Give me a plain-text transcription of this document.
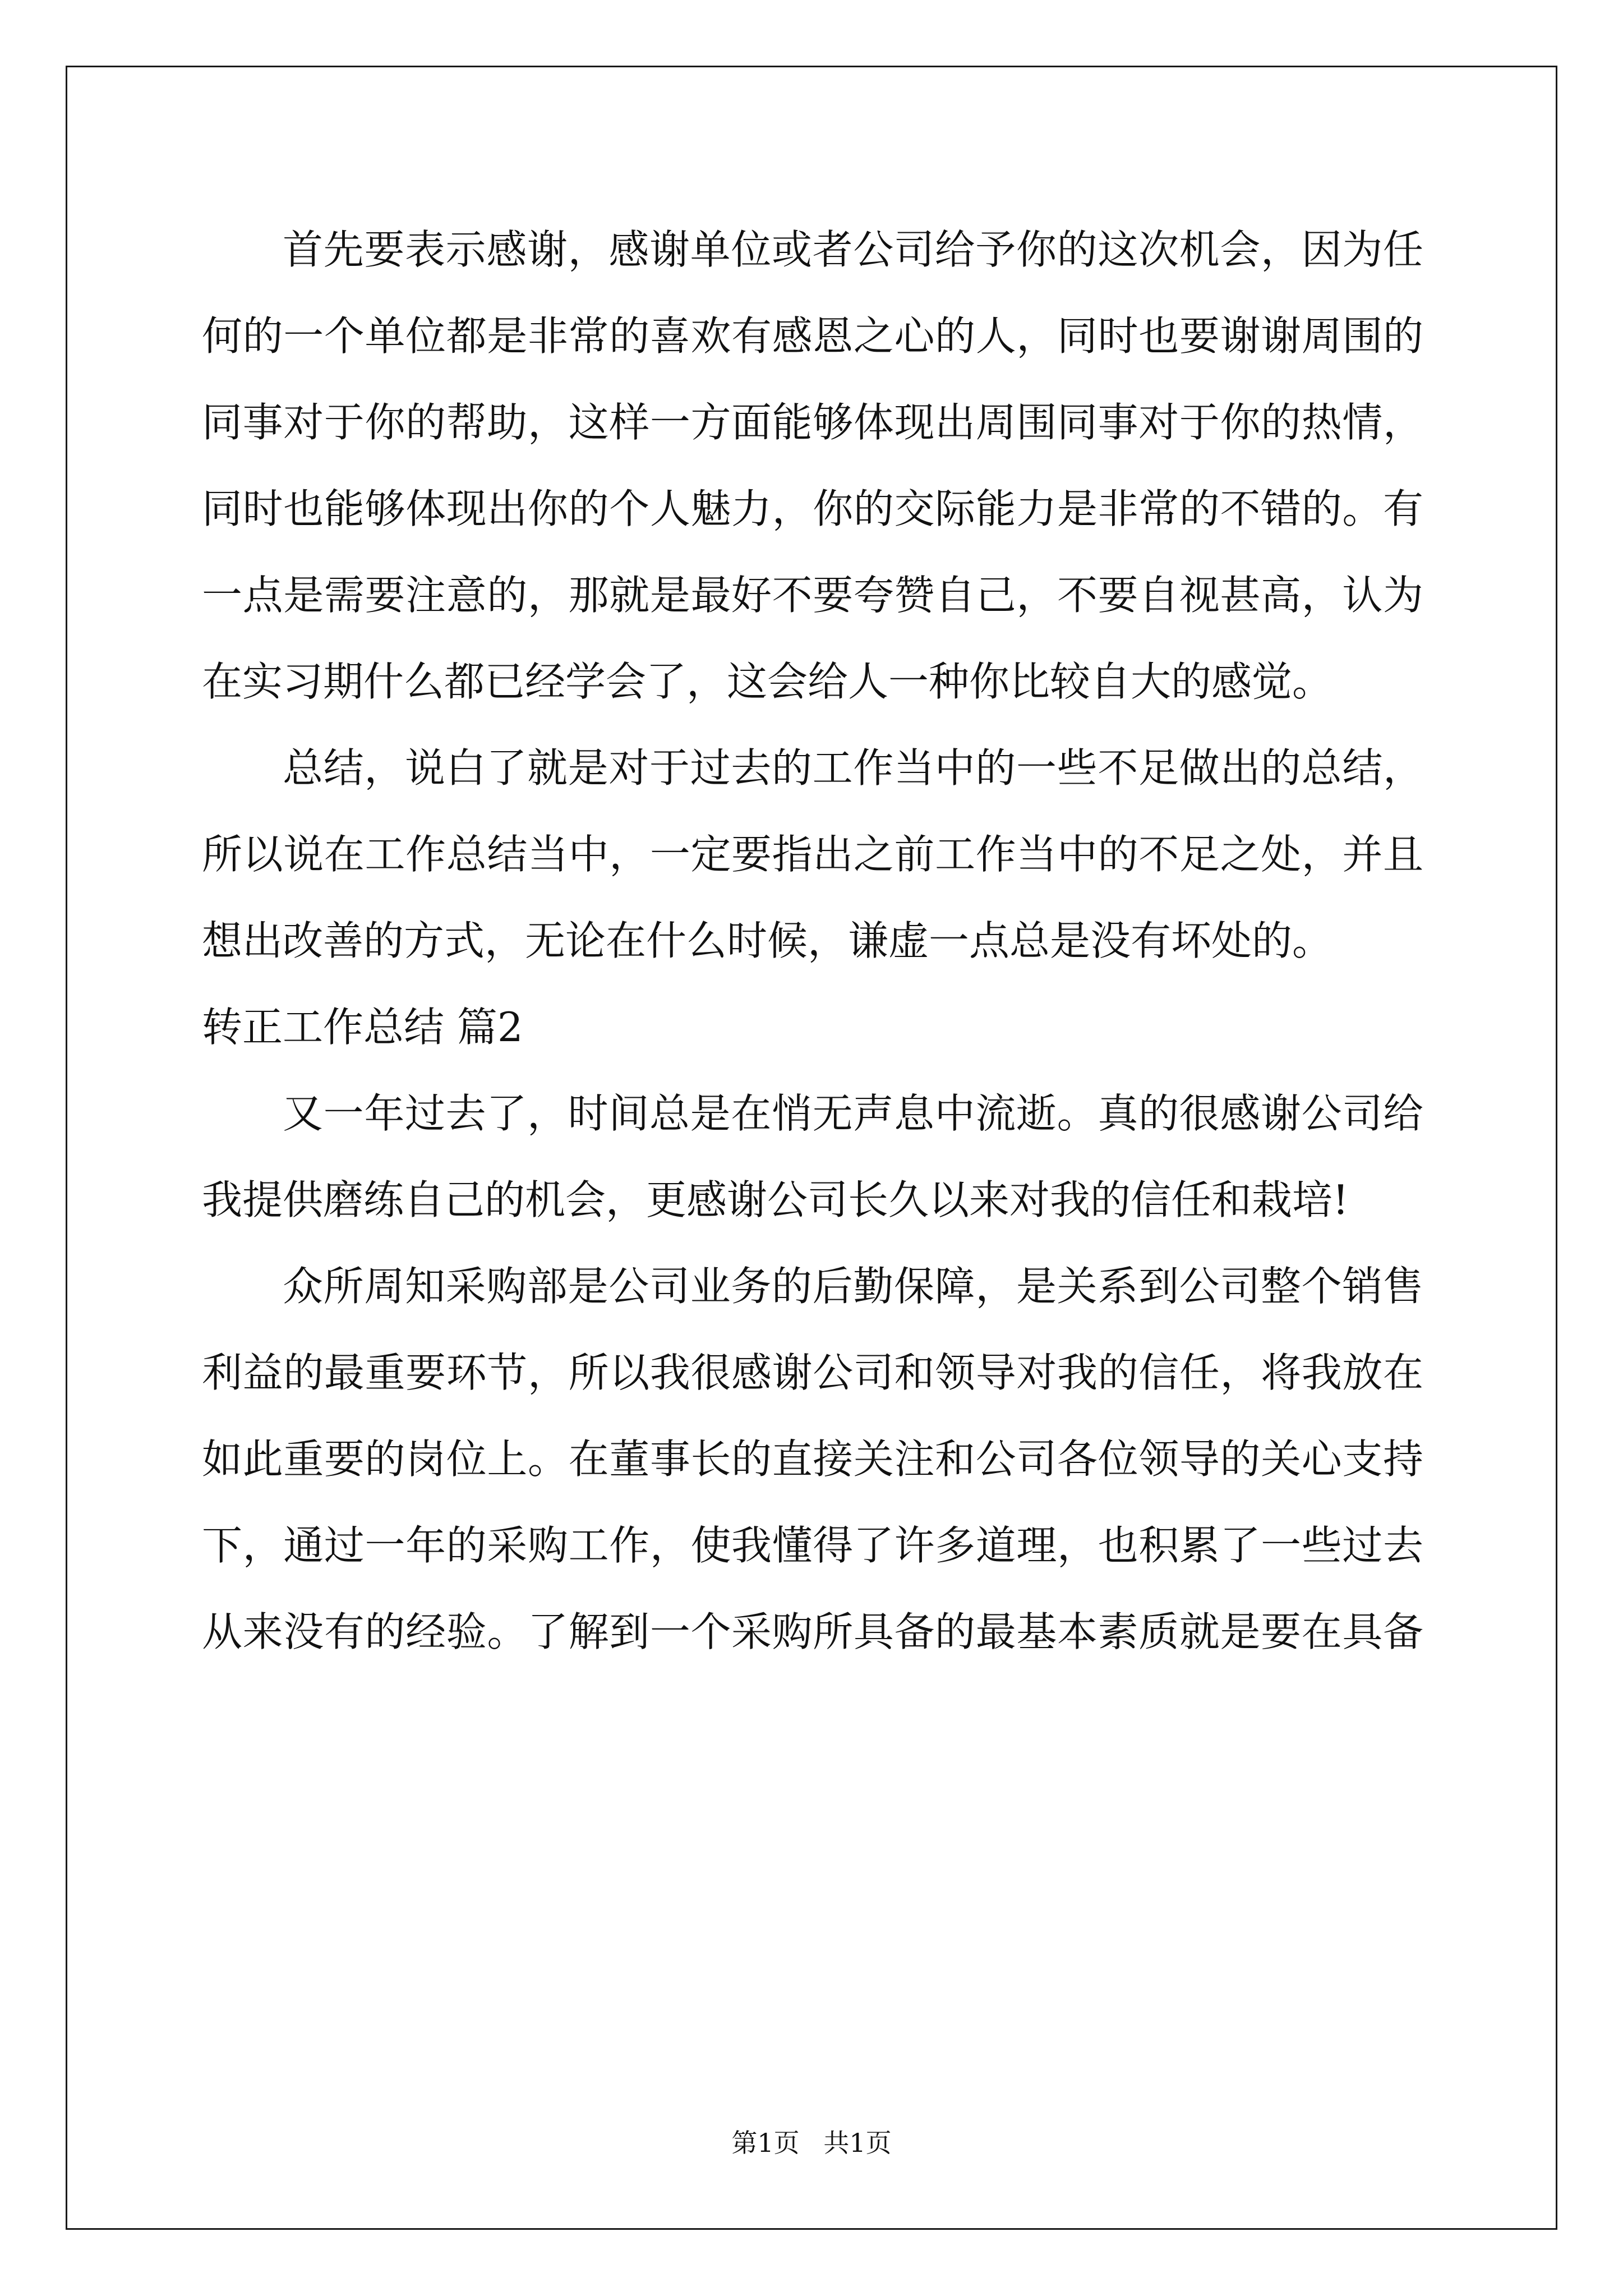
首先要表示感谢，感谢单位或者公司给予你的这次机会，因为任
何的一个单位都是非常的喜欢有感恩之心的人，同时也要谢谢周围的
同事对于你的帮助，这样一方面能够体现出周围同事对于你的热情，
同时也能够体现出你的个人魅力，你的交际能力是非常的不错的。有
一点是需要注意的，那就是最好不要夸赞自己，不要自视甚高，认为
在实习期什么都已经学会了，这会给人一种你比较自大的感觉。
总结，说白了就是对于过去的工作当中的一些不足做出的总结，
所以说在工作总结当中，一定要指出之前工作当中的不足之处，并且
想出改善的方式，无论在什么时候，谦虚一点总是没有坏处的。
转正工作总结 篇2
又一年过去了，时间总是在悄无声息中流逝。真的很感谢公司给
我提供磨练自己的机会，更感谢公司长久以来对我的信任和栽培!
众所周知采购部是公司业务的后勤保障，是关系到公司整个销售
利益的最重要环节，所以我很感谢公司和领导对我的信任，将我放在
如此重要的岗位上。在董事长的直接关注和公司各位领导的关心支持
下，通过一年的采购工作，使我懂得了许多道理，也积累了一些过去
从来没有的经验。了解到一个采购所具备的最基本素质就是要在具备
第1页 共1页
